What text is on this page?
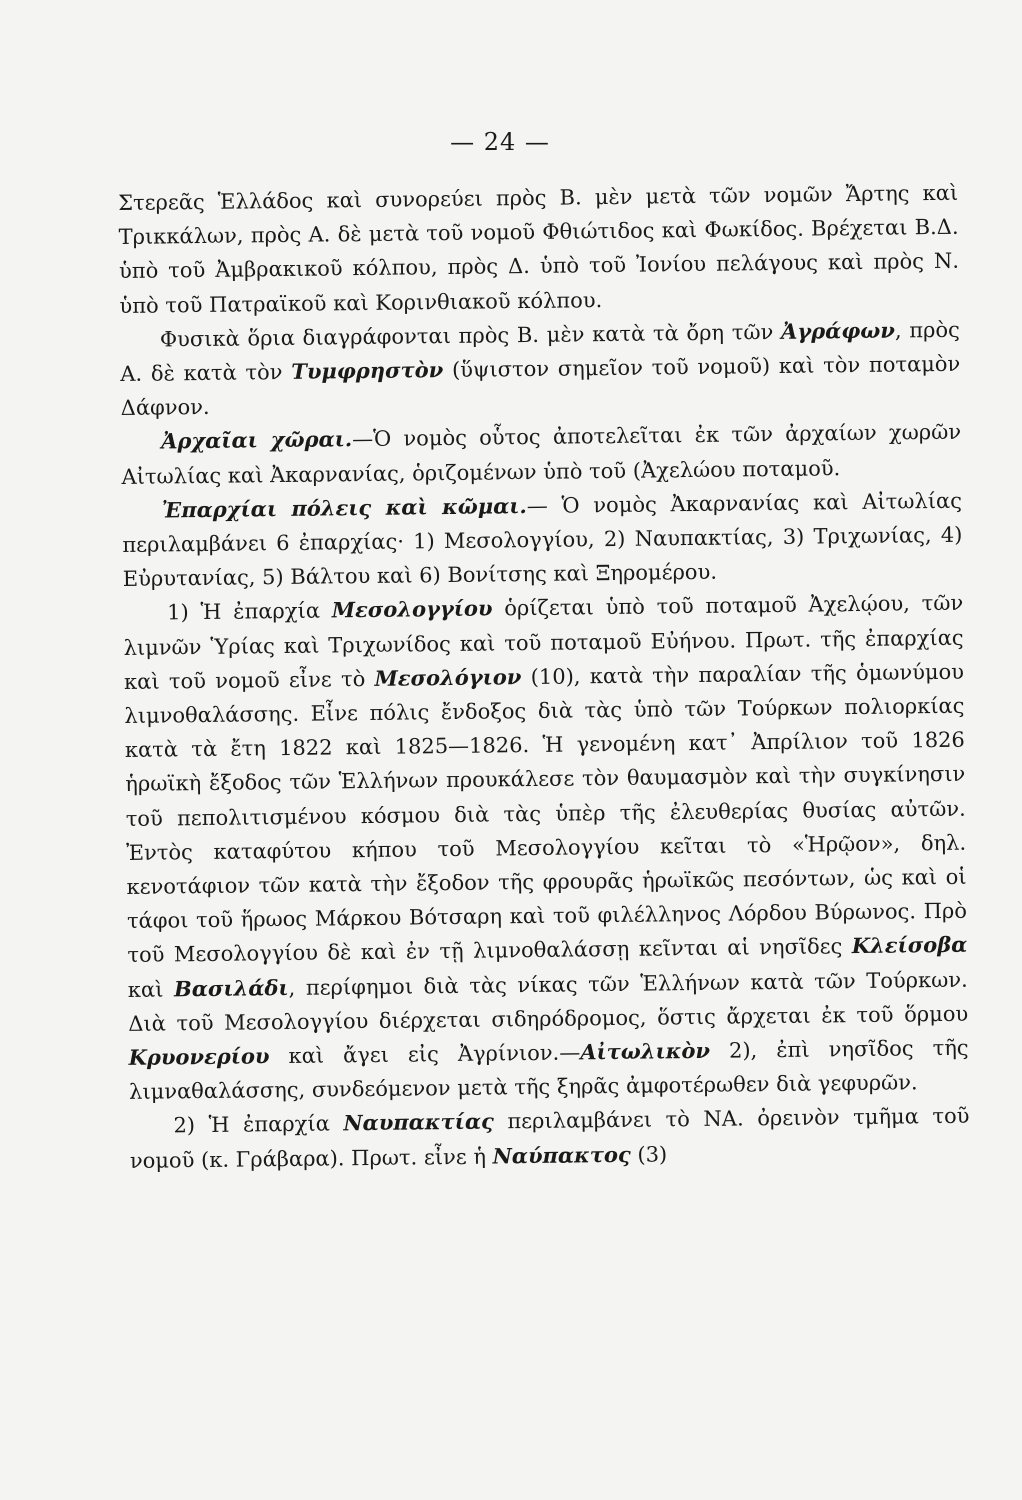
— 24 —

Στερεᾶς Ἑλλάδος καὶ συνορεύει πρὸς Β. μὲν μετὰ τῶν νομῶν Ἄρτης καὶ Τρικκάλων, πρὸς Α. δὲ μετὰ τοῦ νομοῦ Φθιώτιδος καὶ Φωκίδος. Βρέχεται Β.Δ. ὑπὸ τοῦ Ἀμβρακικοῦ κόλπου, πρὸς Δ. ὑπὸ τοῦ Ἰονίου πελάγους καὶ πρὸς Ν. ὑπὸ τοῦ Πατραϊκοῦ καὶ Κορινθιακοῦ κόλπου.

Φυσικὰ ὅρια διαγράφονται πρὸς Β. μὲν κατὰ τὰ ὄρη τῶν Ἀγράφων, πρὸς Α. δὲ κατὰ τὸν Τυμφρηστὸν (ὕψιστον σημεῖον τοῦ νομοῦ) καὶ τὸν ποταμὸν Δάφνον.

Ἀρχαῖαι χῶραι.—Ὁ νομὸς οὗτος ἀποτελεῖται ἐκ τῶν ἀρχαίων χωρῶν Αἰτωλίας καὶ Ἀκαρνανίας, ὁριζομένων ὑπὸ τοῦ (Ἀχελώου ποταμοῦ.

Ἐπαρχίαι πόλεις καὶ κῶμαι.— Ὁ νομὸς Ἀκαρνανίας καὶ Αἰτωλίας περιλαμβάνει 6 ἐπαρχίας· 1) Μεσολογγίου, 2) Ναυπακτίας, 3) Τριχωνίας, 4) Εὐρυτανίας, 5) Βάλτου καὶ 6) Βονίτσης καὶ Ξηρομέρου.

1) Ἡ ἐπαρχία Μεσολογγίου ὁρίζεται ὑπὸ τοῦ ποταμοῦ Ἀχελῴου, τῶν λιμνῶν Ὑρίας καὶ Τριχωνίδος καὶ τοῦ ποταμοῦ Εὐήνου. Πρωτ. τῆς ἐπαρχίας καὶ τοῦ νομοῦ εἶνε τὸ Μεσολόγιον (10), κατὰ τὴν παραλίαν τῆς ὁμωνύμου λιμνοθαλάσσης. Εἶνε πόλις ἔνδοξος διὰ τὰς ὑπὸ τῶν Τούρκων πολιορκίας κατὰ τὰ ἔτη 1822 καὶ 1825—1826. Ἡ γενομένη κατ᾽ Ἀπρίλιον τοῦ 1826 ἡρωϊκὴ ἔξοδος τῶν Ἑλλήνων προυκάλεσε τὸν θαυμασμὸν καὶ τὴν συγκίνησιν τοῦ πεπολιτισμένου κόσμου διὰ τὰς ὑπὲρ τῆς ἐλευθερίας θυσίας αὐτῶν. Ἐντὸς καταφύτου κήπου τοῦ Μεσολογγίου κεῖται τὸ «Ἡρῷον», δηλ. κενοτάφιον τῶν κατὰ τὴν ἔξοδον τῆς φρουρᾶς ἡρωϊκῶς πεσόντων, ὡς καὶ οἱ τάφοι τοῦ ἥρωος Μάρκου Βότσαρη καὶ τοῦ φιλέλληνος Λόρδου Βύρωνος. Πρὸ τοῦ Μεσολογγίου δὲ καὶ ἐν τῇ λιμνοθαλάσσῃ κεῖνται αἱ νησῖδες Κλείσοβα καὶ Βασιλάδι, περίφημοι διὰ τὰς νίκας τῶν Ἑλλήνων κατὰ τῶν Τούρκων. Διὰ τοῦ Μεσολογγίου διέρχεται σιδηρόδρομος, ὅστις ἄρχεται ἐκ τοῦ ὅρμου Κρυονερίου καὶ ἄγει εἰς Ἀγρίνιον.—Αἰτωλικὸν 2), ἐπὶ νησῖδος τῆς λιμναθαλάσσης, συνδεόμενον μετὰ τῆς ξηρᾶς ἀμφοτέρωθεν διὰ γεφυρῶν.

2) Ἡ ἐπαρχία Ναυπακτίας περιλαμβάνει τὸ ΝΑ. ὀρεινὸν τμῆμα τοῦ νομοῦ (κ. Γράβαρα). Πρωτ. εἶνε ἡ Ναύπακτος (3)
